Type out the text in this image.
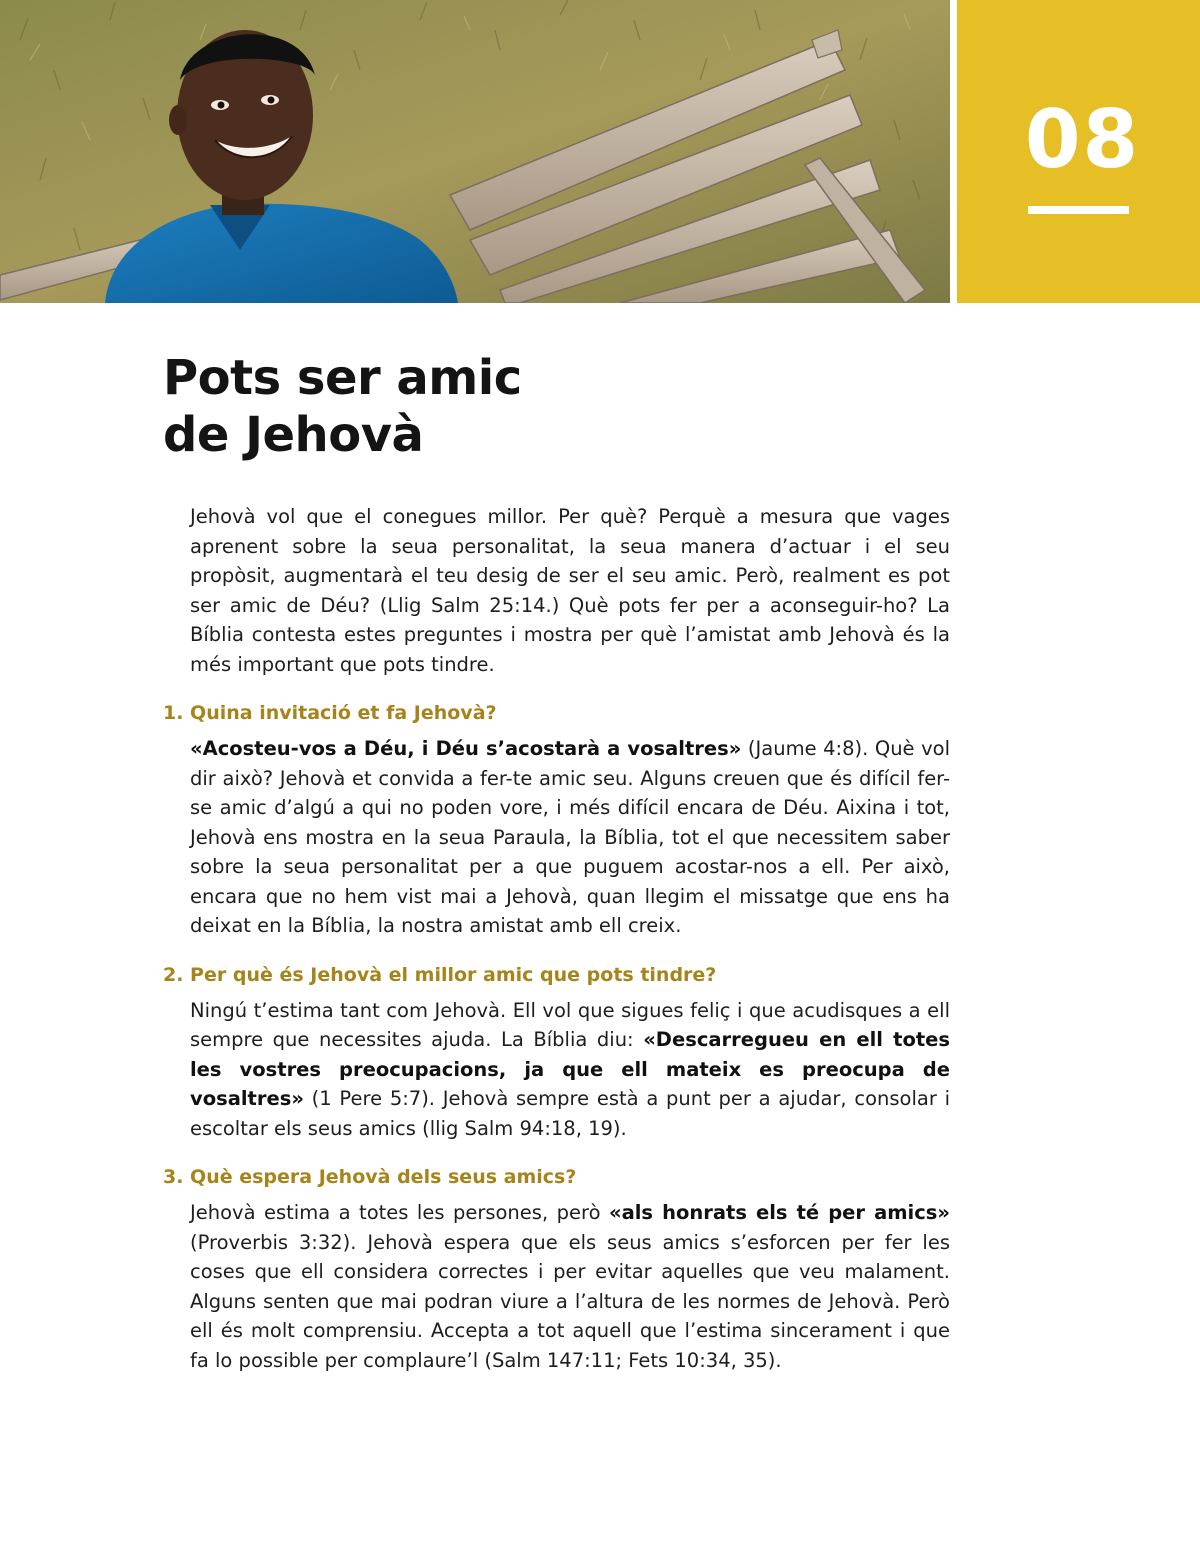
08
Pots ser amic
de Jehovà

Jehovà vol que el conegues millor. Per què? Perquè a mesura que vages aprenent sobre la seua personalitat, la seua manera d’actuar i el seu propòsit, augmentarà el teu desig de ser el seu amic. Però, realment es pot ser amic de Déu? (Llig Salm 25:14.) Què pots fer per a aconseguir-ho? La Bíblia contesta estes preguntes i mostra per què l’amistat amb Jehovà és la més important que pots tindre.

1. Quina invitació et fa Jehovà?

«Acosteu-vos a Déu, i Déu s’acostarà a vosaltres» (Jaume 4:8). Què vol dir això? Jehovà et convida a fer-te amic seu. Alguns creuen que és difícil fer-se amic d’algú a qui no poden vore, i més difícil encara de Déu. Aixina i tot, Jehovà ens mostra en la seua Paraula, la Bíblia, tot el que necessitem saber sobre la seua personalitat per a que puguem acostar-nos a ell. Per això, encara que no hem vist mai a Jehovà, quan llegim el missatge que ens ha deixat en la Bíblia, la nostra amistat amb ell creix.

2. Per què és Jehovà el millor amic que pots tindre?

Ningú t’estima tant com Jehovà. Ell vol que sigues feliç i que acudisques a ell sempre que necessites ajuda. La Bíblia diu: «Descarregueu en ell totes les vostres preocupacions, ja que ell mateix es preocupa de vosaltres» (1 Pere 5:7). Jehovà sempre està a punt per a ajudar, consolar i escoltar els seus amics (llig Salm 94:18, 19).

3. Què espera Jehovà dels seus amics?

Jehovà estima a totes les persones, però «als honrats els té per amics» (Proverbis 3:32). Jehovà espera que els seus amics s’esforcen per fer les coses que ell considera correctes i per evitar aquelles que veu malament. Alguns senten que mai podran viure a l’altura de les normes de Jehovà. Però ell és molt comprensiu. Accepta a tot aquell que l’estima sincerament i que fa lo possible per complaure’l (Salm 147:11; Fets 10:34, 35).
